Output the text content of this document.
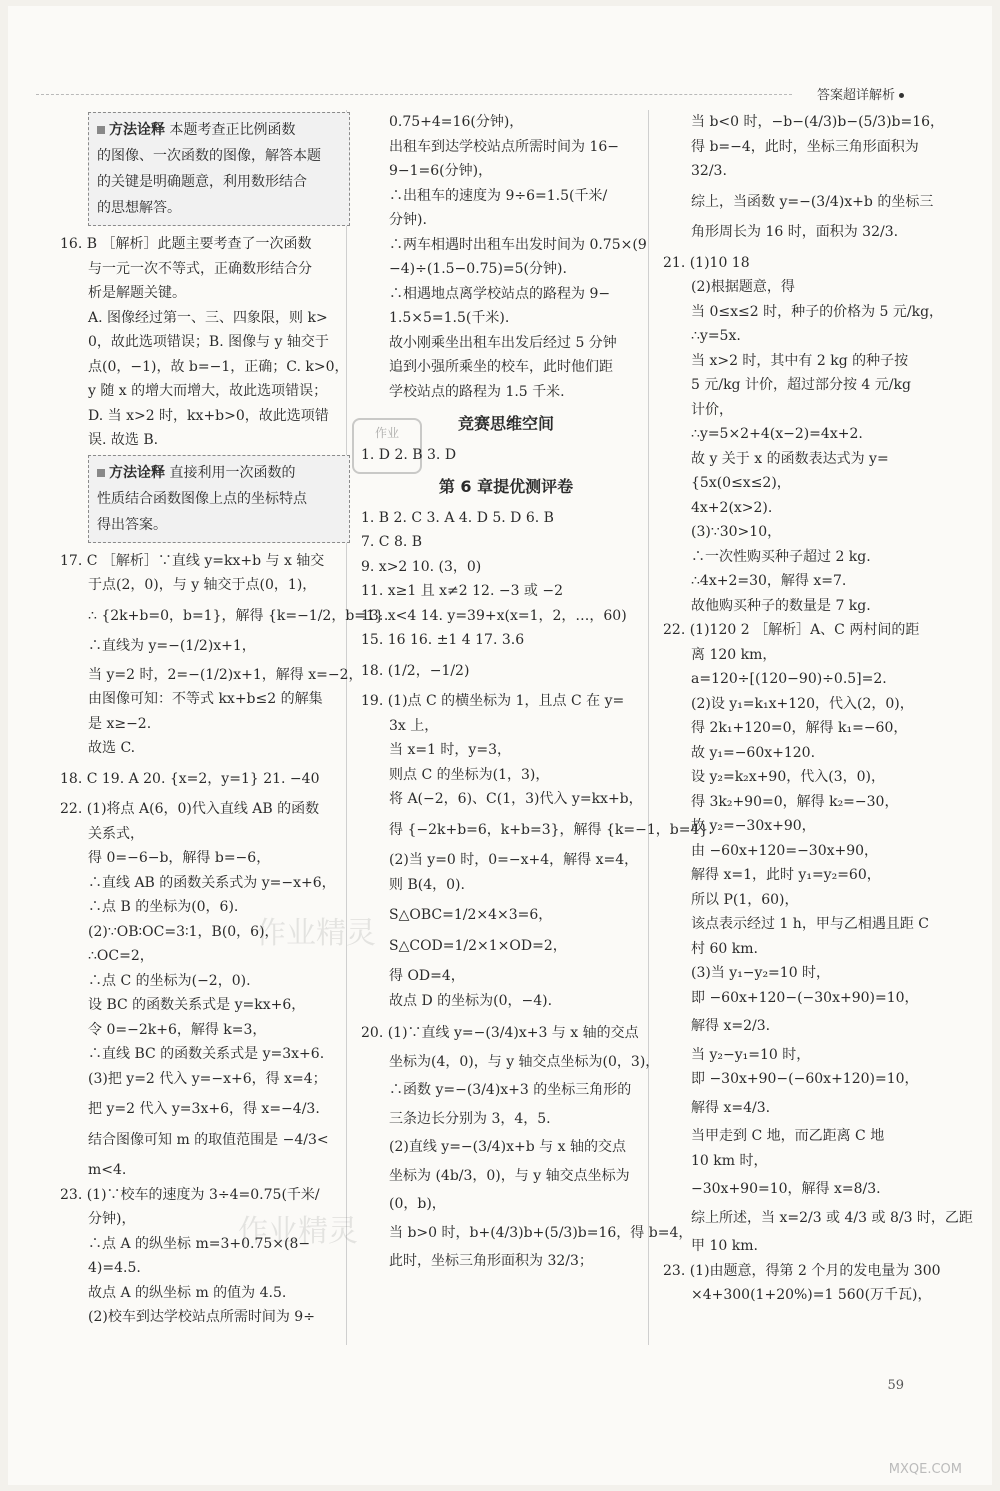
答案超详解析
作业精灵
作业精灵
作业
方法诠释 本题考查正比例函数
的图像、一次函数的图像，解答本题
的关键是明确题意，利用数形结合
的思想解答。
16. B ［解析］此题主要考查了一次函数
与一元一次不等式，正确数形结合分
析是解题关键。
A. 图像经过第一、三、四象限，则 k>
0，故此选项错误；B. 图像与 y 轴交于
点(0，−1)，故 b=−1，正确；C. k>0，
y 随 x 的增大而增大，故此选项错误；
D. 当 x>2 时，kx+b>0，故此选项错
误. 故选 B.
方法诠释 直接利用一次函数的
性质结合函数图像上点的坐标特点
得出答案。
17. C ［解析］∵直线 y=kx+b 与 x 轴交
于点(2，0)，与 y 轴交于点(0，1)，
∴ {2k+b=0，b=1}，解得 {k=−1/2，b=1}.
∴直线为 y=−(1/2)x+1，
当 y=2 时，2=−(1/2)x+1，解得 x=−2，
由图像可知：不等式 kx+b≤2 的解集
是 x≥−2.
故选 C.
18. C 19. A 20. {x=2，y=1} 21. −40
22. (1)将点 A(6，0)代入直线 AB 的函数
关系式，
得 0=−6−b，解得 b=−6，
∴直线 AB 的函数关系式为 y=−x+6，
∴点 B 的坐标为(0，6).
(2)∵OB∶OC=3∶1，B(0，6)，
∴OC=2，
∴点 C 的坐标为(−2，0).
设 BC 的函数关系式是 y=kx+6，
令 0=−2k+6，解得 k=3，
∴直线 BC 的函数关系式是 y=3x+6.
(3)把 y=2 代入 y=−x+6，得 x=4；
把 y=2 代入 y=3x+6，得 x=−4/3.
结合图像可知 m 的取值范围是 −4/3<
m<4.
23. (1)∵校车的速度为 3÷4=0.75(千米/
分钟)，
∴点 A 的纵坐标 m=3+0.75×(8−
4)=4.5.
故点 A 的纵坐标 m 的值为 4.5.
(2)校车到达学校站点所需时间为 9÷
0.75+4=16(分钟)，
出租车到达学校站点所需时间为 16−
9−1=6(分钟)，
∴出租车的速度为 9÷6=1.5(千米/
分钟).
∴两车相遇时出租车出发时间为 0.75×(9
−4)÷(1.5−0.75)=5(分钟).
∴相遇地点离学校站点的路程为 9−
1.5×5=1.5(千米).
故小刚乘坐出租车出发后经过 5 分钟
追到小强所乘坐的校车，此时他们距
学校站点的路程为 1.5 千米.
竞赛思维空间
1. D 2. B 3. D
第 6 章提优测评卷
1. B 2. C 3. A 4. D 5. D 6. B
7. C 8. B
9. x>2 10. (3，0)
11. x≥1 且 x≠2 12. −3 或 −2
13. x<4 14. y=39+x(x=1，2，…，60)
15. 16 16. ±1 4 17. 3.6
18. (1/2，−1/2)
19. (1)点 C 的横坐标为 1，且点 C 在 y=
3x 上，
当 x=1 时，y=3，
则点 C 的坐标为(1，3)，
将 A(−2，6)、C(1，3)代入 y=kx+b，
得 {−2k+b=6，k+b=3}，解得 {k=−1，b=4}.
(2)当 y=0 时，0=−x+4，解得 x=4，
则 B(4，0).
S△OBC=1/2×4×3=6，
S△COD=1/2×1×OD=2，
得 OD=4，
故点 D 的坐标为(0，−4).
20. (1)∵直线 y=−(3/4)x+3 与 x 轴的交点
坐标为(4，0)，与 y 轴交点坐标为(0，3)，
∴函数 y=−(3/4)x+3 的坐标三角形的
三条边长分别为 3，4，5.
(2)直线 y=−(3/4)x+b 与 x 轴的交点
坐标为 (4b/3，0)，与 y 轴交点坐标为
(0，b)，
当 b>0 时，b+(4/3)b+(5/3)b=16，得 b=4，
此时，坐标三角形面积为 32/3；
当 b<0 时，−b−(4/3)b−(5/3)b=16，
得 b=−4，此时，坐标三角形面积为
32/3.
综上，当函数 y=−(3/4)x+b 的坐标三
角形周长为 16 时，面积为 32/3.
21. (1)10 18
(2)根据题意，得
当 0≤x≤2 时，种子的价格为 5 元/kg，
∴y=5x.
当 x>2 时，其中有 2 kg 的种子按
5 元/kg 计价，超过部分按 4 元/kg
计价，
∴y=5×2+4(x−2)=4x+2.
故 y 关于 x 的函数表达式为 y=
{5x(0≤x≤2)，
4x+2(x>2).
(3)∵30>10，
∴一次性购买种子超过 2 kg.
∴4x+2=30，解得 x=7.
故他购买种子的数量是 7 kg.
22. (1)120 2 ［解析］A、C 两村间的距
离 120 km，
a=120÷[(120−90)÷0.5]=2.
(2)设 y₁=k₁x+120，代入(2，0)，
得 2k₁+120=0，解得 k₁=−60，
故 y₁=−60x+120.
设 y₂=k₂x+90，代入(3，0)，
得 3k₂+90=0，解得 k₂=−30，
故 y₂=−30x+90，
由 −60x+120=−30x+90，
解得 x=1，此时 y₁=y₂=60，
所以 P(1，60)，
该点表示经过 1 h，甲与乙相遇且距 C
村 60 km.
(3)当 y₁−y₂=10 时，
即 −60x+120−(−30x+90)=10，
解得 x=2/3.
当 y₂−y₁=10 时，
即 −30x+90−(−60x+120)=10，
解得 x=4/3.
当甲走到 C 地，而乙距离 C 地
10 km 时，
−30x+90=10，解得 x=8/3.
综上所述，当 x=2/3 或 4/3 或 8/3 时，乙距
甲 10 km.
23. (1)由题意，得第 2 个月的发电量为 300
×4+300(1+20%)=1 560(万千瓦)，
59
MXQE.COM
